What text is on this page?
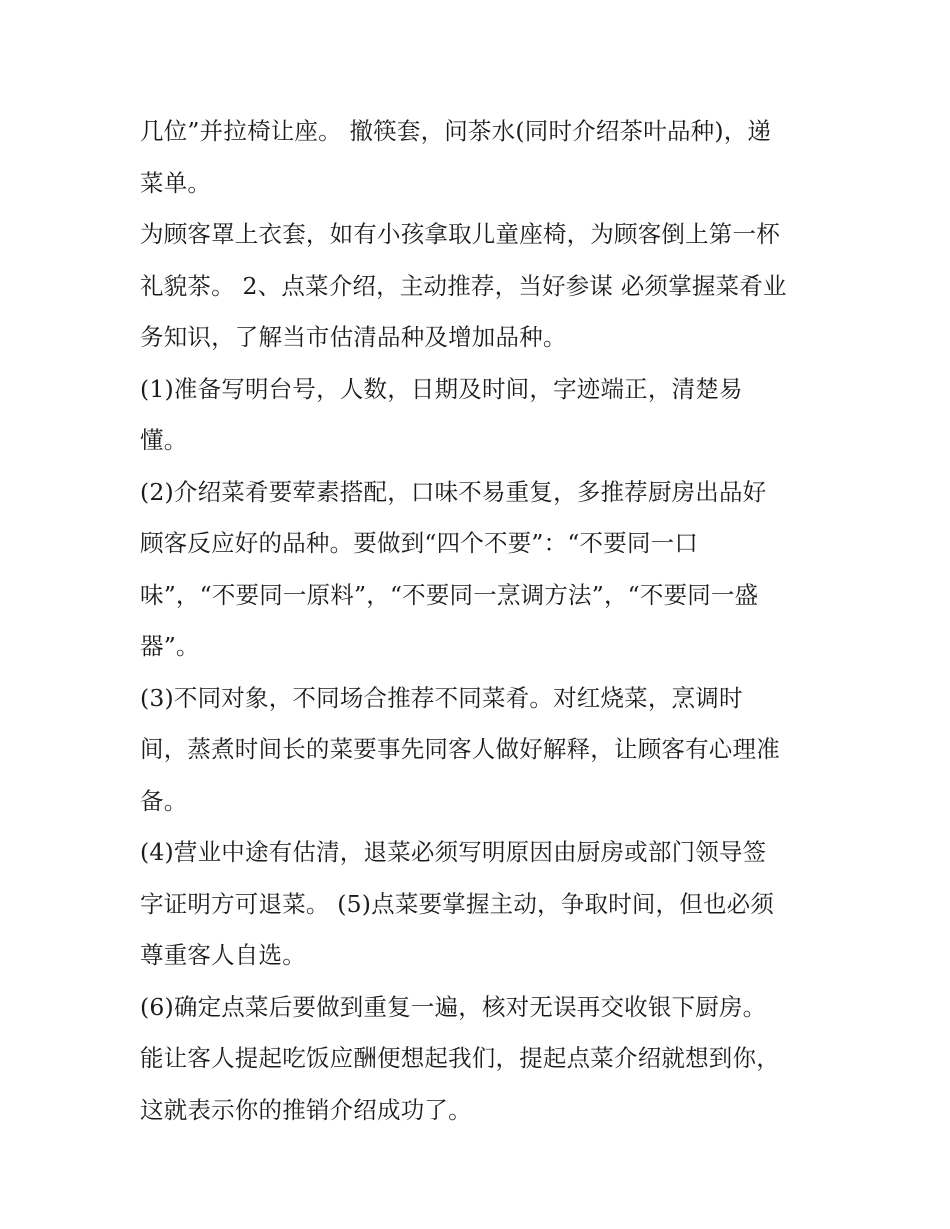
几位”并拉椅让座。 撤筷套，问茶水(同时介绍茶叶品种)，递
菜单。
为顾客罩上衣套，如有小孩拿取儿童座椅，为顾客倒上第一杯
礼貌茶。 2、点菜介绍，主动推荐，当好参谋 必须掌握菜肴业
务知识，了解当市估清品种及增加品种。
(1)准备写明台号，人数，日期及时间，字迹端正，清楚易
懂。
(2)介绍菜肴要荤素搭配，口味不易重复，多推荐厨房出品好
顾客反应好的品种。要做到“四个不要”：“不要同一口
味”，“不要同一原料”，“不要同一烹调方法”，“不要同一盛
器”。
(3)不同对象，不同场合推荐不同菜肴。对红烧菜，烹调时
间，蒸煮时间长的菜要事先同客人做好解释，让顾客有心理准
备。
(4)营业中途有估清，退菜必须写明原因由厨房或部门领导签
字证明方可退菜。 (5)点菜要掌握主动，争取时间，但也必须
尊重客人自选。
(6)确定点菜后要做到重复一遍，核对无误再交收银下厨房。
能让客人提起吃饭应酬便想起我们，提起点菜介绍就想到你，
这就表示你的推销介绍成功了。
